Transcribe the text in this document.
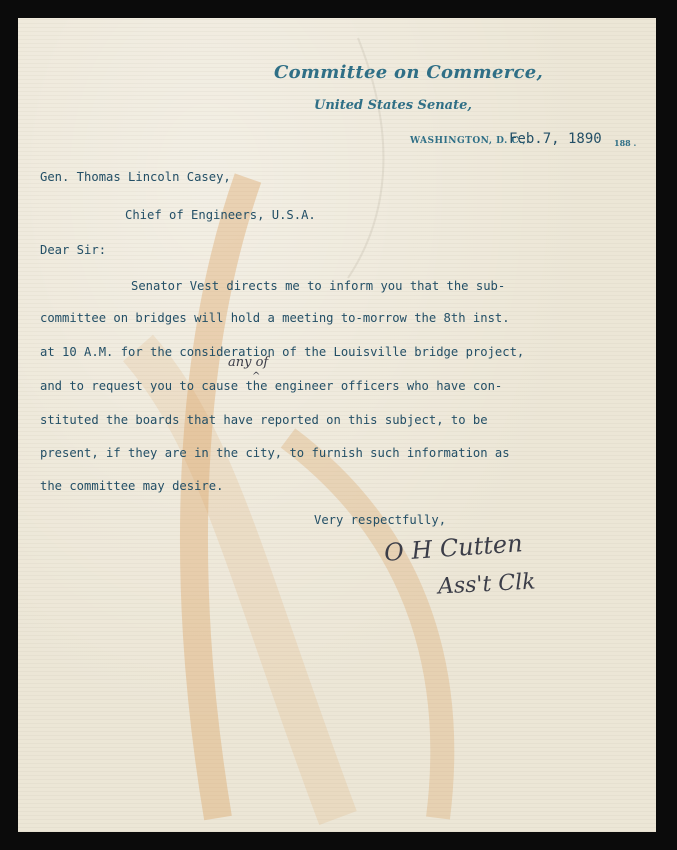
Committee on Commerce,
United States Senate,
WASHINGTON, D. C.,
Feb.7, 1890 188 .
Gen. Thomas Lincoln Casey,
Chief of Engineers, U.S.A.
Dear Sir:
Senator Vest directs me to inform you that the sub-
committee on bridges will hold a meeting to-morrow the 8th inst.
at 10 A.M. for the consideration of the Louisville bridge project,
and to request you to cause the engineer officers who have con-
stituted the boards that have reported on this subject, to be
present, if they are in the city, to furnish such information as
the committee may desire.
any of
^
Very respectfully,
O H Cutten
Ass't Clk
